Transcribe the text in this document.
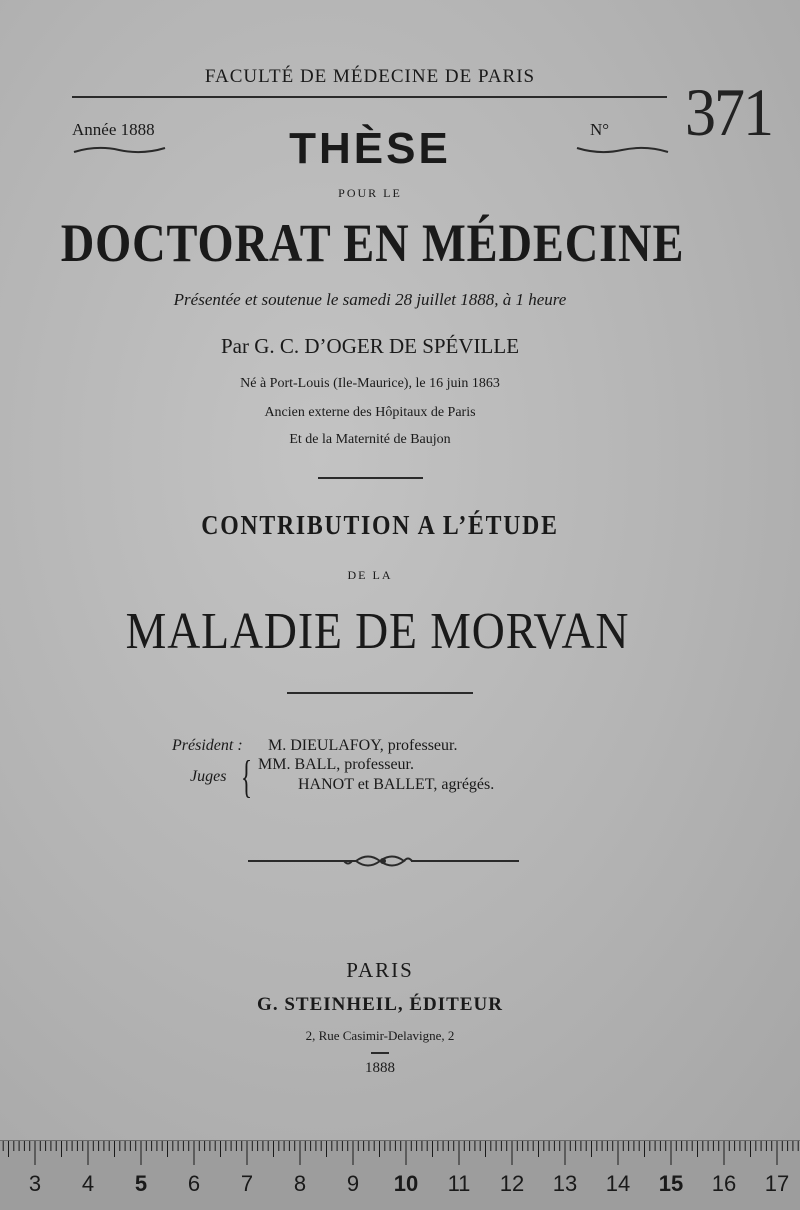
FACULTÉ DE MÉDECINE DE PARIS
Année 1888	N° 371
THÈSE
POUR LE
DOCTORAT EN MÉDECINE
Présentée et soutenue le samedi 28 juillet 1888, à 1 heure
Par G. C. D’OGER DE SPÉVILLE
Né à Port-Louis (Ile-Maurice), le 16 juin 1863
Ancien externe des Hôpitaux de Paris
Et de la Maternité de Baujon
CONTRIBUTION A L’ÉTUDE
DE LA
MALADIE DE MORVAN
Président : M. DIEULAFOY, professeur.
Juges { MM. BALL, professeur.
HANOT et BALLET, agrégés.
PARIS
G. STEINHEIL, ÉDITEUR
2, Rue Casimir-Delavigne, 2
1888
3 4 5 6 7 8 9 10 11 12 13 14 15 16 17
